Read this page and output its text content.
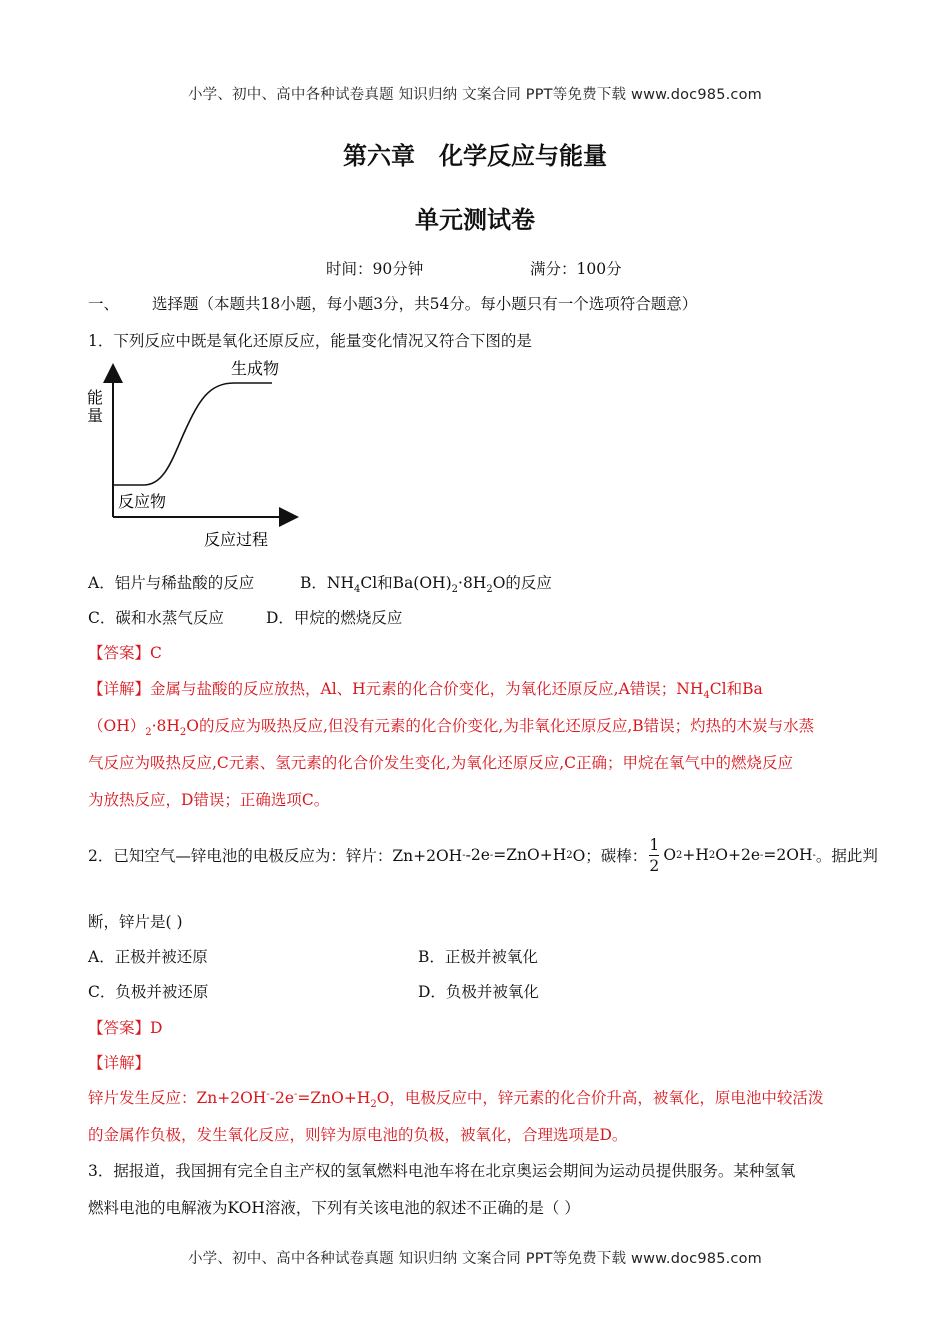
小学、初中、高中各种试卷真题 知识归纳 文案合同 PPT等免费下载 www.doc985.com
第六章　化学反应与能量
单元测试卷
时间：90分钟	满分：100分
一、 选择题（本题共18小题，每小题3分，共54分。每小题只有一个选项符合题意）
1．下列反应中既是氧化还原反应，能量变化情况又符合下图的是
能
量
生成物
反应物
反应过程
A．铝片与稀盐酸的反应	B．$NH_4Cl$和$Ba(OH)_2\cdot 8H_2O$的反应
C．碳和水蒸气反应	D．甲烷的燃烧反应
【答案】C
【详解】金属与盐酸的反应放热，Al、H元素的化合价变化，为氧化还原反应,A错误；$NH_4Cl$和Ba
$(OH)_2\cdot 8H_2O$的反应为吸热反应,但没有元素的化合价变化,为非氧化还原反应,B错误；灼热的木炭与水蒸
气反应为吸热反应,C元素、氢元素的化合价发生变化,为氧化还原反应,C正确；甲烷在氧气中的燃烧反应
为放热反应，D错误；正确选项C。
2．已知空气—锌电池的电极反应为：锌片：Zn+2OH - -2e - =ZnO+H 2 O；碳棒： $\frac{1}{2}$ O 2 +H 2 O+2e - =2OH - 。据此判
断，锌片是( )
A．正极并被还原	B．正极并被氧化
C．负极并被还原	D．负极并被氧化
【答案】D
【详解】
锌片发生反应：$Zn+2OH^--2e^-=ZnO+H_2O$，电极反应中，锌元素的化合价升高，被氧化，原电池中较活泼
的金属作负极，发生氧化反应，则锌为原电池的负极，被氧化，合理选项是D。
3．据报道，我国拥有完全自主产权的氢氧燃料电池车将在北京奥运会期间为运动员提供服务。某种氢氧
燃料电池的电解液为KOH溶液，下列有关该电池的叙述不正确的是（ ）
小学、初中、高中各种试卷真题 知识归纳 文案合同 PPT等免费下载 www.doc985.com
